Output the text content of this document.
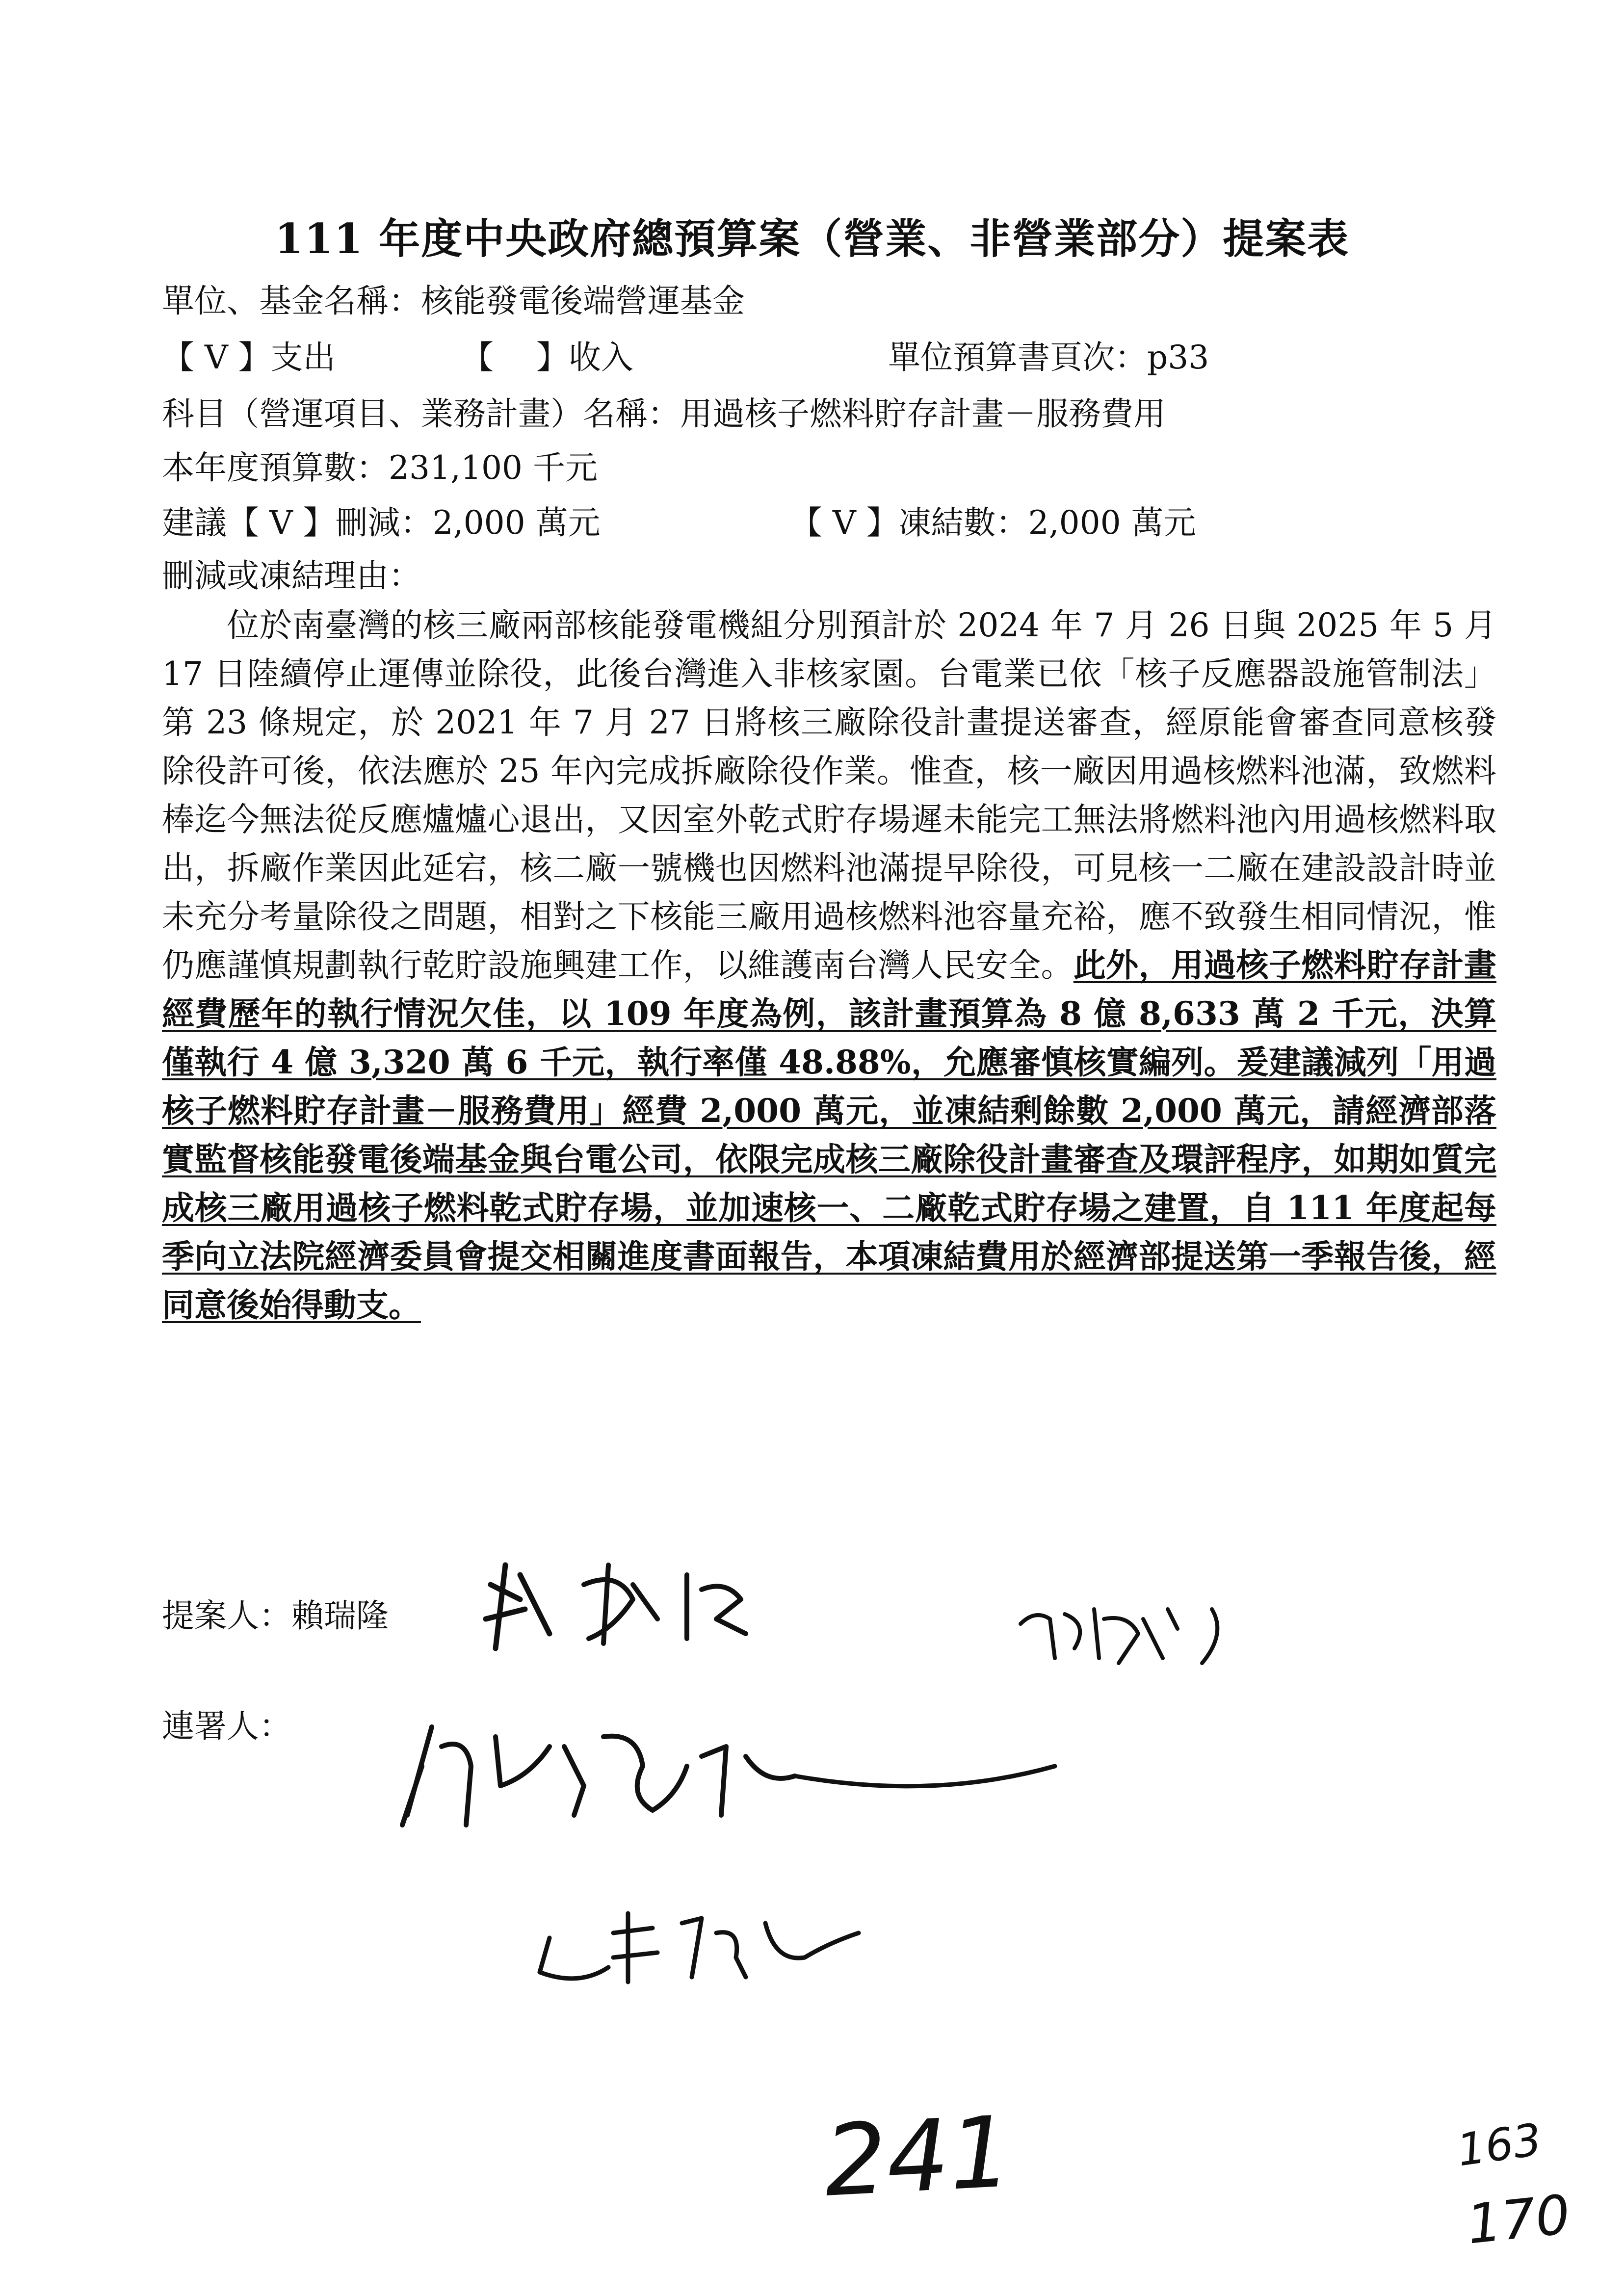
111 年度中央政府總預算案（營業、非營業部分）提案表
單位、基金名稱：核能發電後端營運基金
【 V 】支出	【 　】收入	單位預算書頁次：p33
科目（營運項目、業務計畫）名稱：用過核子燃料貯存計畫－服務費用
本年度預算數：231,100 千元
建議【 V 】刪減：2,000 萬元	【 V 】凍結數：2,000 萬元
刪減或凍結理由：
位於南臺灣的核三廠兩部核能發電機組分別預計於 2024 年 7 月 26 日與 2025 年 5 月 17 日陸續停止運傳並除役，此後台灣進入非核家園。台電業已依「核子反應器設施管制法」第 23 條規定，於 2021 年 7 月 27 日將核三廠除役計畫提送審查，經原能會審查同意核發除役許可後，依法應於 25 年內完成拆廠除役作業。惟查，核一廠因用過核燃料池滿，致燃料棒迄今無法從反應爐爐心退出，又因室外乾式貯存場遲未能完工無法將燃料池內用過核燃料取出，拆廠作業因此延宕，核二廠一號機也因燃料池滿提早除役，可見核一二廠在建設設計時並未充分考量除役之問題，相對之下核能三廠用過核燃料池容量充裕，應不致發生相同情況，惟仍應謹慎規劃執行乾貯設施興建工作，以維護南台灣人民安全。此外，用過核子燃料貯存計畫經費歷年的執行情況欠佳，以 109 年度為例，該計畫預算為 8 億 8,633 萬 2 千元，決算僅執行 4 億 3,320 萬 6 千元，執行率僅 48.88%，允應審慎核實編列。爰建議減列「用過核子燃料貯存計畫－服務費用」經費 2,000 萬元，並凍結剩餘數 2,000 萬元，請經濟部落實監督核能發電後端基金與台電公司，依限完成核三廠除役計畫審查及環評程序，如期如質完成核三廠用過核子燃料乾式貯存場，並加速核一、二廠乾式貯存場之建置，自 111 年度起每季向立法院經濟委員會提交相關進度書面報告，本項凍結費用於經濟部提送第一季報告後，經同意後始得動支。
提案人：賴瑞隆
連署人：
241	163
170
